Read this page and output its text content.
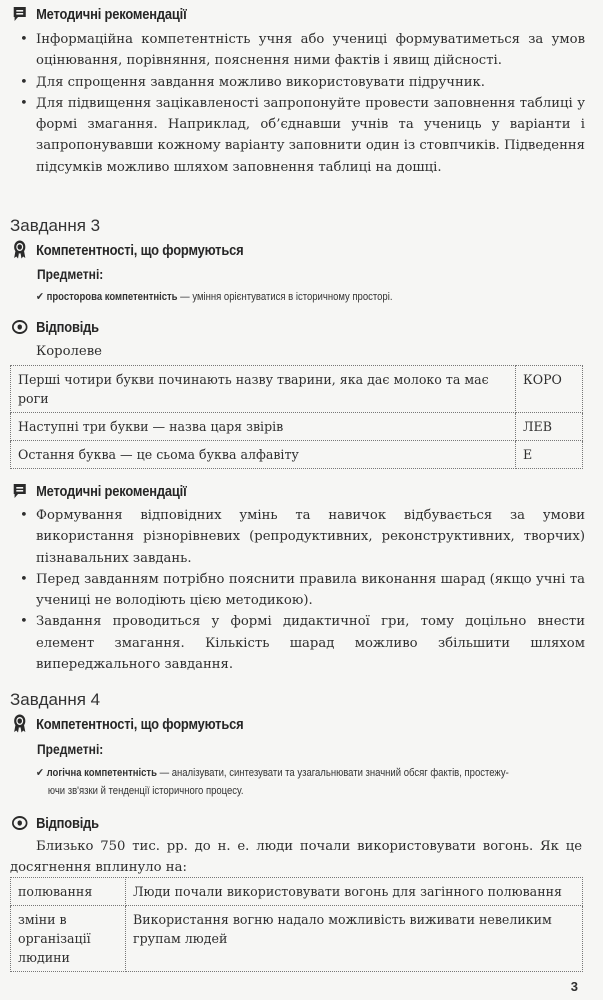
Методичні рекомендації
• Інформаційна компетентність учня або учениці формуватиметься за умов оцінювання, порівняння, пояснення ними фактів і явищ дійсності.
• Для спрощення завдання можливо використовувати підручник.
• Для підвищення зацікавленості запропонуйте провести заповнення таблиці у формі змагання. Наприклад, об’єднавши учнів та учениць у варіанти і запропонувавши кожному варіанту заповнити один із стовпчиків. Підведення підсумків можливо шляхом заповнення таблиці на дошці.
Завдання 3
Компетентності, що формуються
Предметні:
✔ просторова компетентність — уміння орієнтуватися в історичному просторі.
Відповідь
Королеве
Перші чотири букви починають назву тварини, яка дає молоко та має роги	КОРО
Наступні три букви — назва царя звірів	ЛЕВ
Остання буква — це сьома буква алфавіту	Е
Методичні рекомендації
• Формування відповідних умінь та навичок відбувається за умови використання різнорівневих (репродуктивних, реконструктивних, творчих) пізнавальних завдань.
• Перед завданням потрібно пояснити правила виконання шарад (якщо учні та учениці не володіють цією методикою).
• Завдання проводиться у формі дидактичної гри, тому доцільно внести елемент змагання. Кількість шарад можливо збільшити шляхом випереджального завдання.
Завдання 4
Компетентності, що формуються
Предметні:
✔ логічна компетентність — аналізувати, синтезувати та узагальнювати значний обсяг фактів, простежу-
ючи зв'язки й тенденції історичного процесу.
Відповідь
Близько 750 тис. рр. до н. е. люди почали використовувати вогонь. Як це досягнення вплинуло на:
полювання	Люди почали використовувати вогонь для загінного полювання
зміни в організації людини	Використання вогню надало можливість виживати невеликим групам людей
3
